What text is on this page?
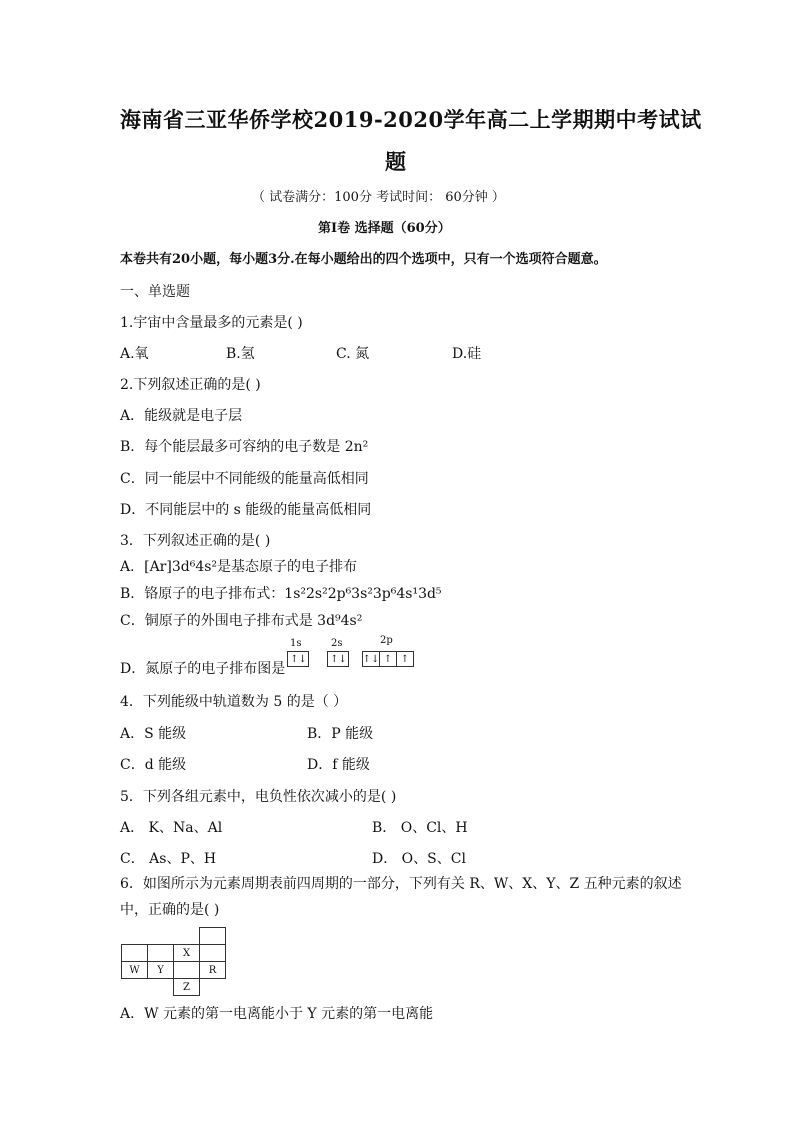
海南省三亚华侨学校2019-2020学年高二上学期期中考试试
题
（ 试卷满分：100分 考试时间： 60分钟 ）
第Ⅰ卷 选择题（60分）
本卷共有20小题，每小题3分.在每小题给出的四个选项中，只有一个选项符合题意。
一、单选题
1.宇宙中含量最多的元素是( )
A.氧	B.氢	C. 氮	D.硅
2.下列叙述正确的是( )
A．能级就是电子层
B．每个能层最多可容纳的电子数是 2n²
C．同一能层中不同能级的能量高低相同
D．不同能层中的 s 能级的能量高低相同
3．下列叙述正确的是( )
A．[Ar]3d⁶4s²是基态原子的电子排布
B．铬原子的电子排布式：1s²2s²2p⁶3s²3p⁶4s¹3d⁵
C．铜原子的外围电子排布式是 3d⁹4s²
D．氮原子的电子排布图是
1s	2s	2p
↑↓ ↑↓ ↑↓ ↑ ↑
4．下列能级中轨道数为 5 的是（ ）
A．S 能级	B．P 能级
C．d 能级	D．f 能级
5．下列各组元素中，电负性依次减小的是( )
A． K、Na、Al	B． O、Cl、H
C． As、P、H	D． O、S、Cl
6．如图所示为元素周期表前四周期的一部分，下列有关 R、W、X、Y、Z 五种元素的叙述
中，正确的是( )

		X	
W	Y		R
		Z	
A．W 元素的第一电离能小于 Y 元素的第一电离能
